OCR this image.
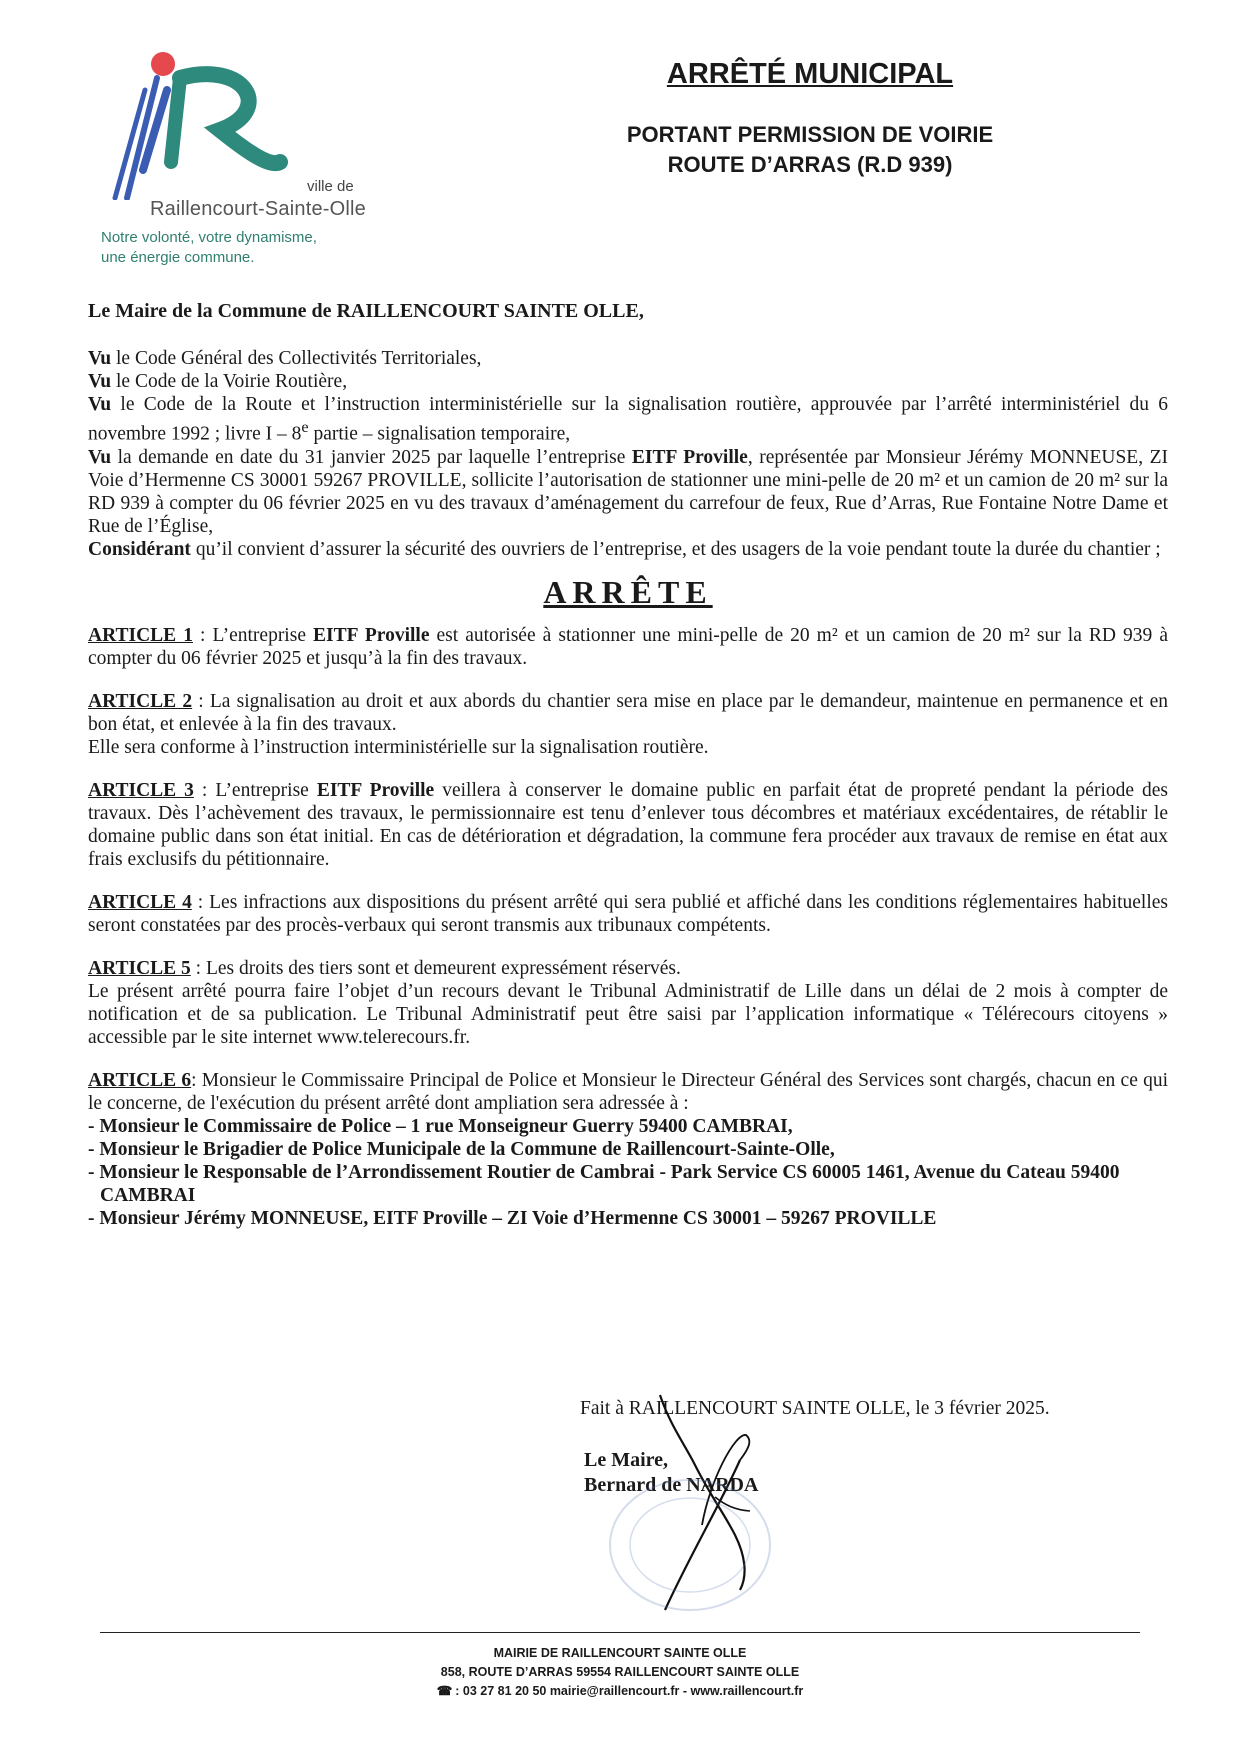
ville de
Raillencourt-Sainte-Olle
Notre volonté, votre dynamisme,
une énergie commune.
ARRÊTÉ MUNICIPAL
PORTANT PERMISSION DE VOIRIE
ROUTE D’ARRAS (R.D 939)

Le Maire de la Commune de RAILLENCOURT SAINTE OLLE,

Vu le Code Général des Collectivités Territoriales,

Vu le Code de la Voirie Routière,

Vu le Code de la Route et l’instruction interministérielle sur la signalisation routière, approuvée par l’arrêté interministériel du 6 novembre 1992 ; livre I – 8e partie – signalisation temporaire,

Vu la demande en date du 31 janvier 2025 par laquelle l’entreprise EITF Proville, représentée par Monsieur Jérémy MONNEUSE, ZI Voie d’Hermenne CS 30001 59267 PROVILLE, sollicite l’autorisation de stationner une mini-pelle de 20 m² et un camion de 20 m² sur la RD 939 à compter du 06 février 2025 en vu des travaux d’aménagement du carrefour de feux, Rue d’Arras, Rue Fontaine Notre Dame et Rue de l’Église,

Considérant qu’il convient d’assurer la sécurité des ouvriers de l’entreprise, et des usagers de la voie pendant toute la durée du chantier ;

ARRÊTE

ARTICLE 1 : L’entreprise EITF Proville est autorisée à stationner une mini-pelle de 20 m² et un camion de 20 m² sur la RD 939 à compter du 06 février 2025 et jusqu’à la fin des travaux.

ARTICLE 2 : La signalisation au droit et aux abords du chantier sera mise en place par le demandeur, maintenue en permanence et en bon état, et enlevée à la fin des travaux.
Elle sera conforme à l’instruction interministérielle sur la signalisation routière.

ARTICLE 3 : L’entreprise EITF Proville veillera à conserver le domaine public en parfait état de propreté pendant la période des travaux. Dès l’achèvement des travaux, le permissionnaire est tenu d’enlever tous décombres et matériaux excédentaires, de rétablir le domaine public dans son état initial. En cas de détérioration et dégradation, la commune fera procéder aux travaux de remise en état aux frais exclusifs du pétitionnaire.

ARTICLE 4 : Les infractions aux dispositions du présent arrêté qui sera publié et affiché dans les conditions réglementaires habituelles seront constatées par des procès-verbaux qui seront transmis aux tribunaux compétents.

ARTICLE 5 : Les droits des tiers sont et demeurent expressément réservés.
Le présent arrêté pourra faire l’objet d’un recours devant le Tribunal Administratif de Lille dans un délai de 2 mois à compter de notification et de sa publication. Le Tribunal Administratif peut être saisi par l’application informatique « Télérecours citoyens » accessible par le site internet www.telerecours.fr.

ARTICLE 6: Monsieur le Commissaire Principal de Police et Monsieur le Directeur Général des Services sont chargés, chacun en ce qui le concerne, de l'exécution du présent arrêté dont ampliation sera adressée à :

- Monsieur le Commissaire de Police – 1 rue Monseigneur Guerry 59400 CAMBRAI,

- Monsieur le Brigadier de Police Municipale de la Commune de Raillencourt-Sainte-Olle,

- Monsieur le Responsable de l’Arrondissement Routier de Cambrai - Park Service CS 60005 1461, Avenue du Cateau 59400 CAMBRAI

- Monsieur Jérémy MONNEUSE, EITF Proville – ZI Voie d’Hermenne CS 30001 – 59267 PROVILLE

Fait à RAILLENCOURT SAINTE OLLE, le 3 février 2025.
Le Maire,
Bernard de NARDA
MAIRIE DE RAILLENCOURT SAINTE OLLE
858, ROUTE D’ARRAS 59554 RAILLENCOURT SAINTE OLLE
☎ : 03 27 81 20 50 mairie@raillencourt.fr - www.raillencourt.fr
